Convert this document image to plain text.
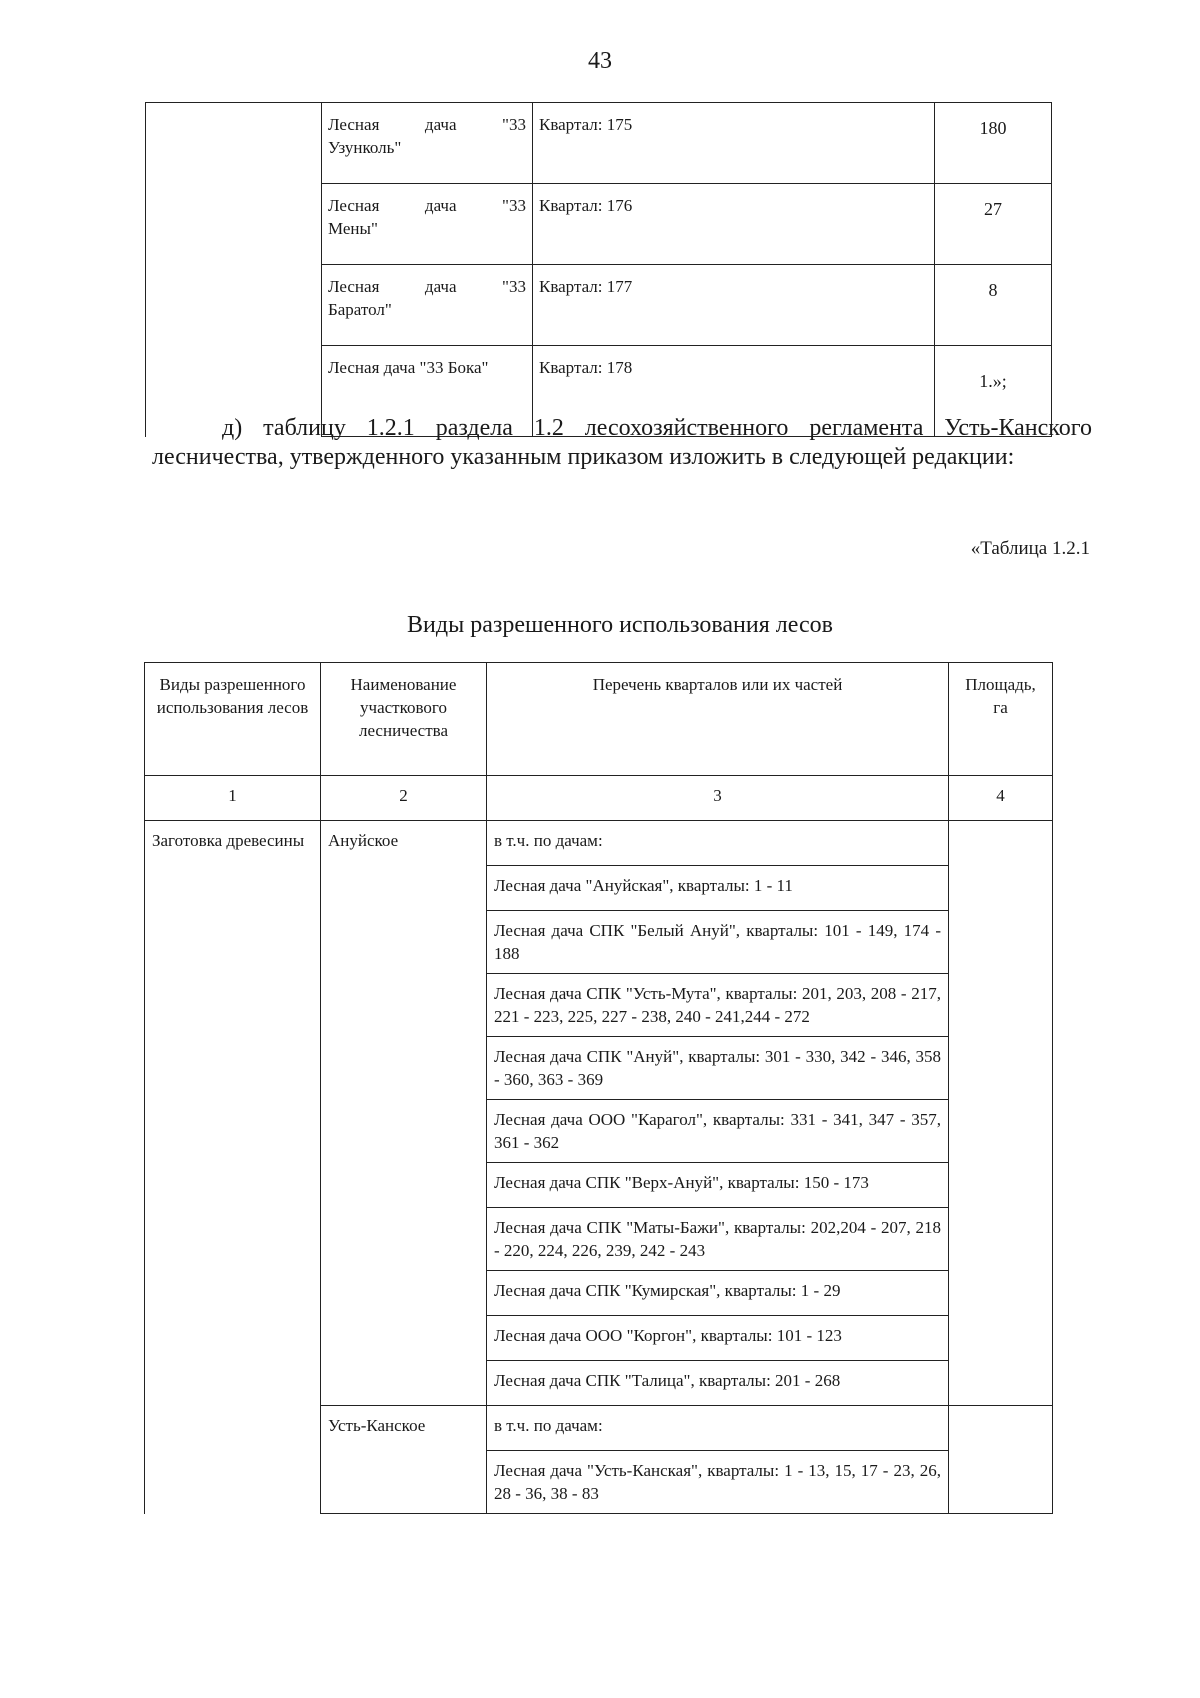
43

	Лесная дача "33
Узунколь"	Квартал: 175	180

	Лесная дача "33
Мены"	Квартал: 176	27

	Лесная дача "33
Баратол"	Квартал: 177	8

	Лесная дача "33 Бока"	Квартал: 178	1.»;
д) таблицу 1.2.1 раздела 1.2 лесохозяйственного регламента Усть-Канского лесничества, утвержденного указанным приказом изложить в следующей редакции:
«Таблица 1.2.1
Виды разрешенного использования лесов
Виды разрешенного использования лесов	Наименование участкового лесничества	Перечень кварталов или их частей	Площадь, га
1	2	3	4
Заготовка древесины	Ануйское	в т.ч. по дачам:	
		Лесная дача "Ануйская", кварталы: 1 - 11	
		Лесная дача СПК "Белый Ануй", кварталы: 101 - 149, 174 - 188	
		Лесная дача СПК "Усть-Мута", кварталы: 201, 203, 208 - 217, 221 - 223, 225, 227 - 238, 240 - 241,244 - 272	
		Лесная дача СПК "Ануй", кварталы: 301 - 330, 342 - 346, 358 - 360, 363 - 369	
		Лесная дача ООО "Карагол", кварталы: 331 - 341, 347 - 357, 361 - 362	
		Лесная дача СПК "Верх-Ануй", кварталы: 150 - 173	
		Лесная дача СПК "Маты-Бажи", кварталы: 202,204 - 207, 218 - 220, 224, 226, 239, 242 - 243	
		Лесная дача СПК "Кумирская", кварталы: 1 - 29	
		Лесная дача ООО "Коргон", кварталы: 101 - 123	
		Лесная дача СПК "Талица", кварталы: 201 - 268	
	Усть-Канское	в т.ч. по дачам:	
		Лесная дача "Усть-Канская", кварталы: 1 - 13, 15, 17 - 23, 26, 28 - 36, 38 - 83	
